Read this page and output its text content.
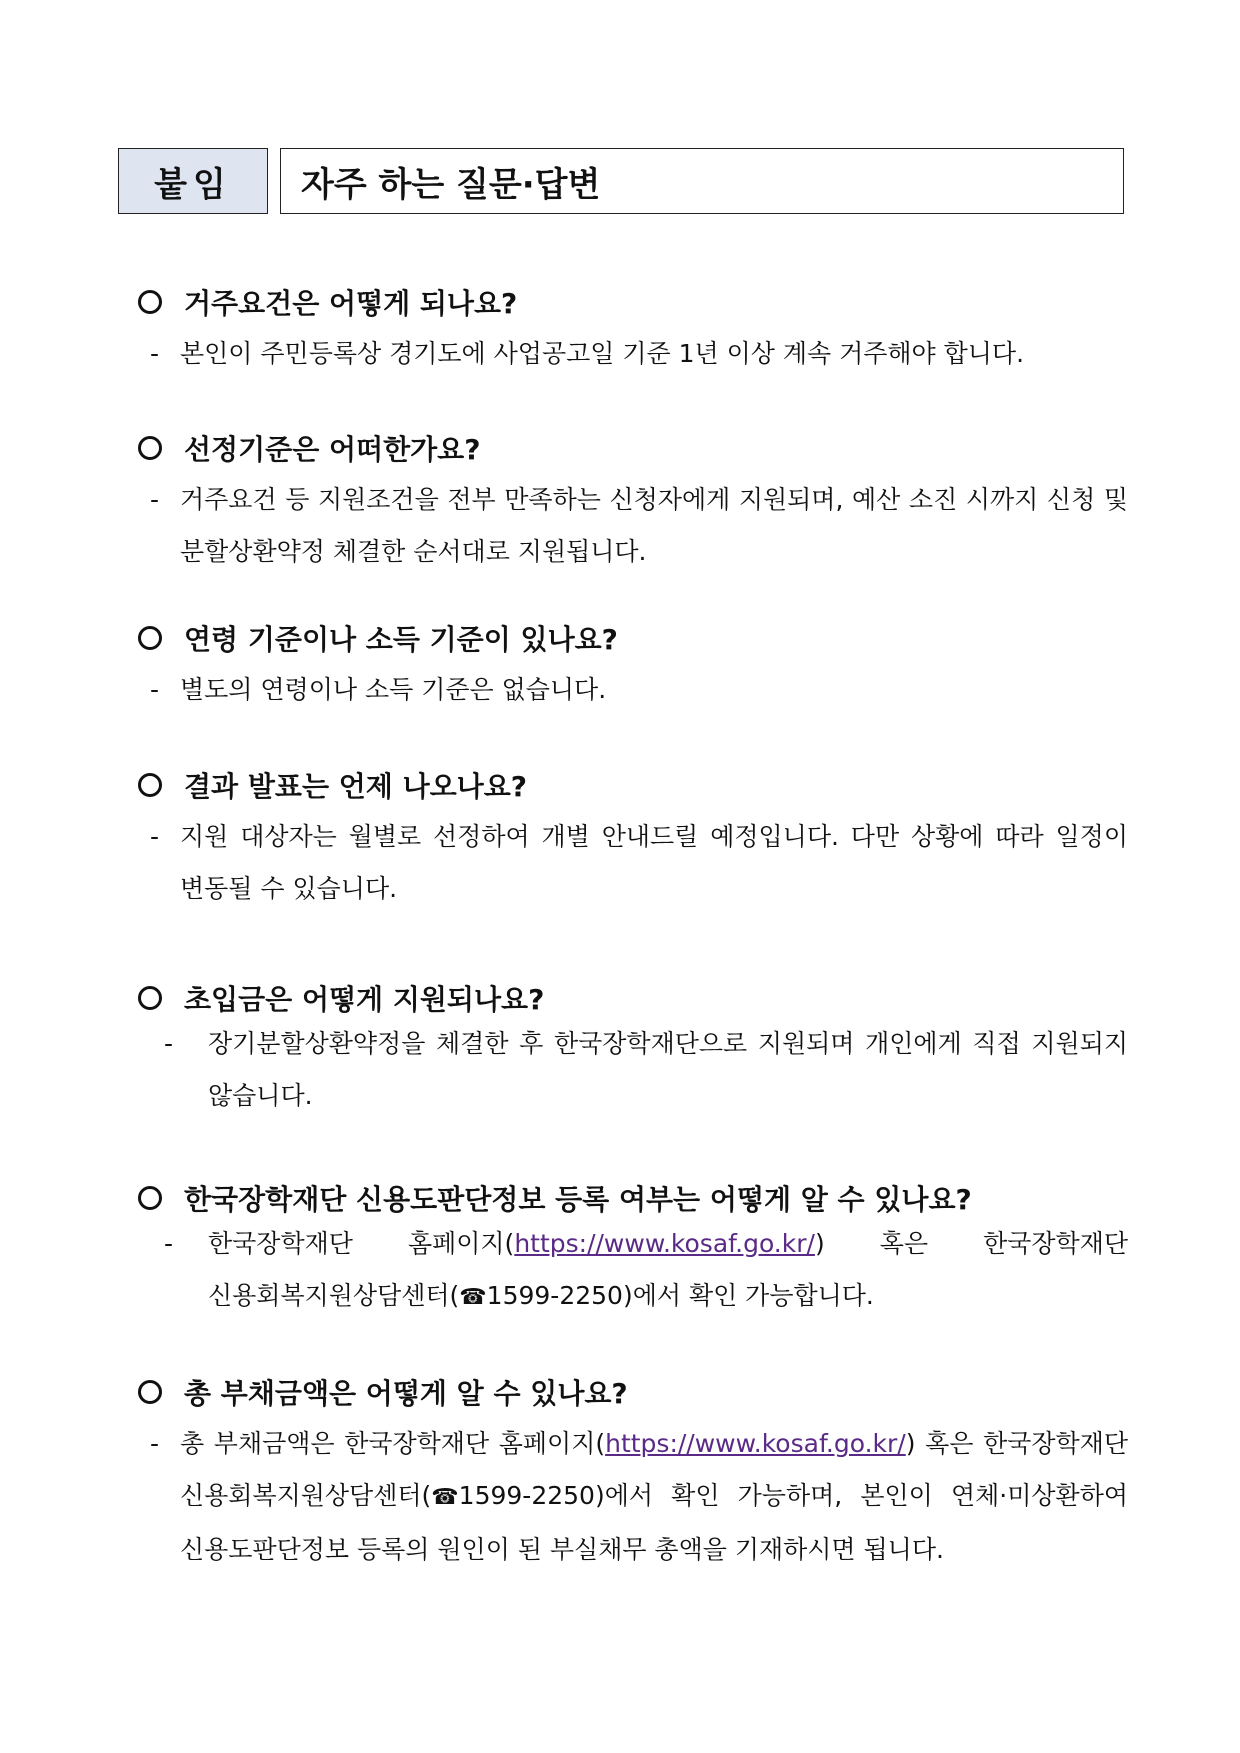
붙임	자주 하는 질문·답변
거주요건은 어떻게 되나요?
- 본인이 주민등록상 경기도에 사업공고일 기준 1년 이상 계속 거주해야 합니다.
선정기준은 어떠한가요?
- 거주요건 등 지원조건을 전부 만족하는 신청자에게 지원되며, 예산 소진 시까지 신청 및 분할상환약정 체결한 순서대로 지원됩니다.
연령 기준이나 소득 기준이 있나요?
- 별도의 연령이나 소득 기준은 없습니다.
결과 발표는 언제 나오나요?
- 지원 대상자는 월별로 선정하여 개별 안내드릴 예정입니다. 다만 상황에 따라 일정이 변동될 수 있습니다.
초입금은 어떻게 지원되나요?
-	장기분할상환약정을 체결한 후 한국장학재단으로 지원되며 개인에게 직접 지원되지 않습니다.
한국장학재단 신용도판단정보 등록 여부는 어떻게 알 수 있나요?
-	한국장학재단 홈페이지(https://www.kosaf.go.kr/) 혹은 한국장학재단 신용회복지원상담센터(☎1599-2250)에서 확인 가능합니다.
총 부채금액은 어떻게 알 수 있나요?
- 총 부채금액은 한국장학재단 홈페이지(https://www.kosaf.go.kr/) 혹은 한국장학재단 신용회복지원상담센터(☎1599-2250)에서 확인 가능하며, 본인이 연체·미상환하여 신용도판단정보 등록의 원인이 된 부실채무 총액을 기재하시면 됩니다.
